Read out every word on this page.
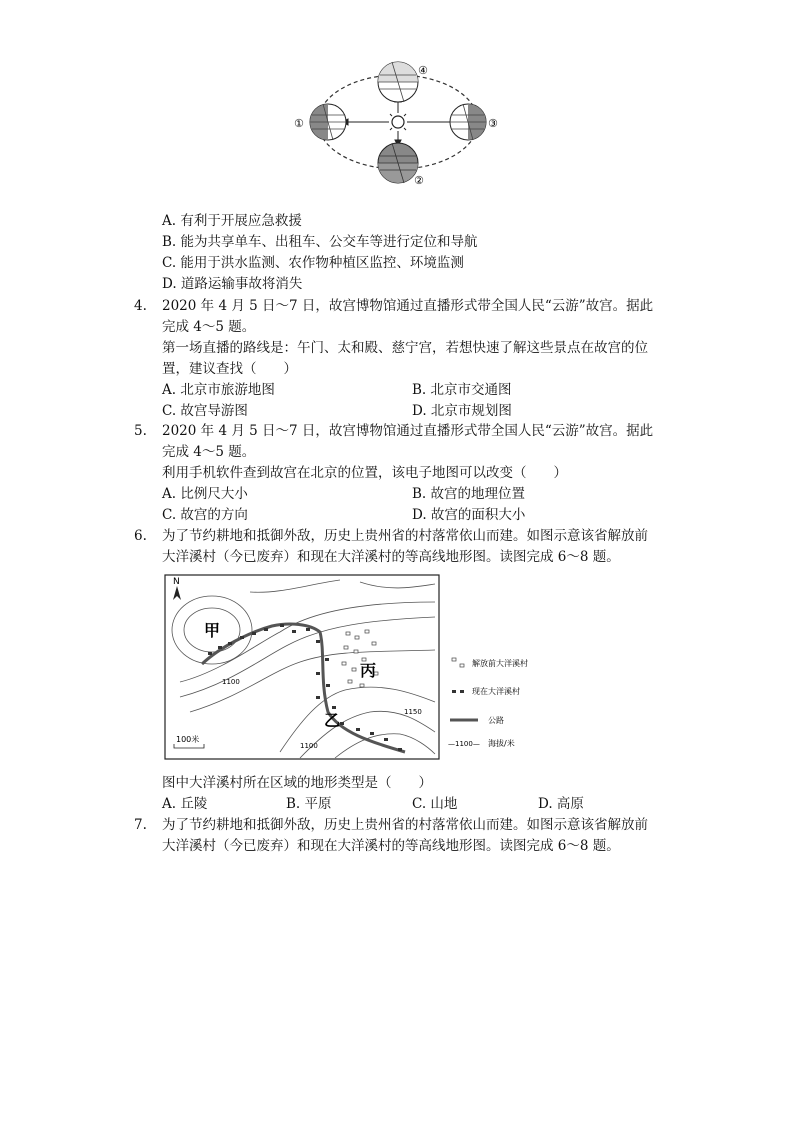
①
②
③
④
A. 有利于开展应急救援
B. 能为共享单车、出租车、公交车等进行定位和导航
C. 能用于洪水监测、农作物种植区监控、环境监测
D. 道路运输事故将消失
4. 2020 年 4 月 5 日～7 日，故宫博物馆通过直播形式带全国人民“云游”故宫。据此
完成 4～5 题。
第一场直播的路线是：午门、太和殿、慈宁宫，若想快速了解这些景点在故宫的位
置，建议查找（　　）
A. 北京市旅游地图	B. 北京市交通图
C. 故宫导游图	D. 北京市规划图
5. 2020 年 4 月 5 日～7 日，故宫博物馆通过直播形式带全国人民“云游”故宫。据此
完成 4～5 题。
利用手机软件查到故宫在北京的位置，该电子地图可以改变（　　）
A. 比例尺大小	B. 故宫的地理位置
C. 故宫的方向	D. 故宫的面积大小
6. 为了节约耕地和抵御外敌，历史上贵州省的村落常依山而建。如图示意该省解放前
大洋溪村（今已废弃）和现在大洋溪村的等高线地形图。读图完成 6～8 题。
N
甲
丙
乙
1100
1150
1100
100米
解放前大洋溪村
现在大洋溪村
公路
—1100— 海拔/米
图中大洋溪村所在区域的地形类型是（　　）
A. 丘陵	B. 平原	C. 山地	D. 高原
7. 为了节约耕地和抵御外敌，历史上贵州省的村落常依山而建。如图示意该省解放前
大洋溪村（今已废弃）和现在大洋溪村的等高线地形图。读图完成 6～8 题。
